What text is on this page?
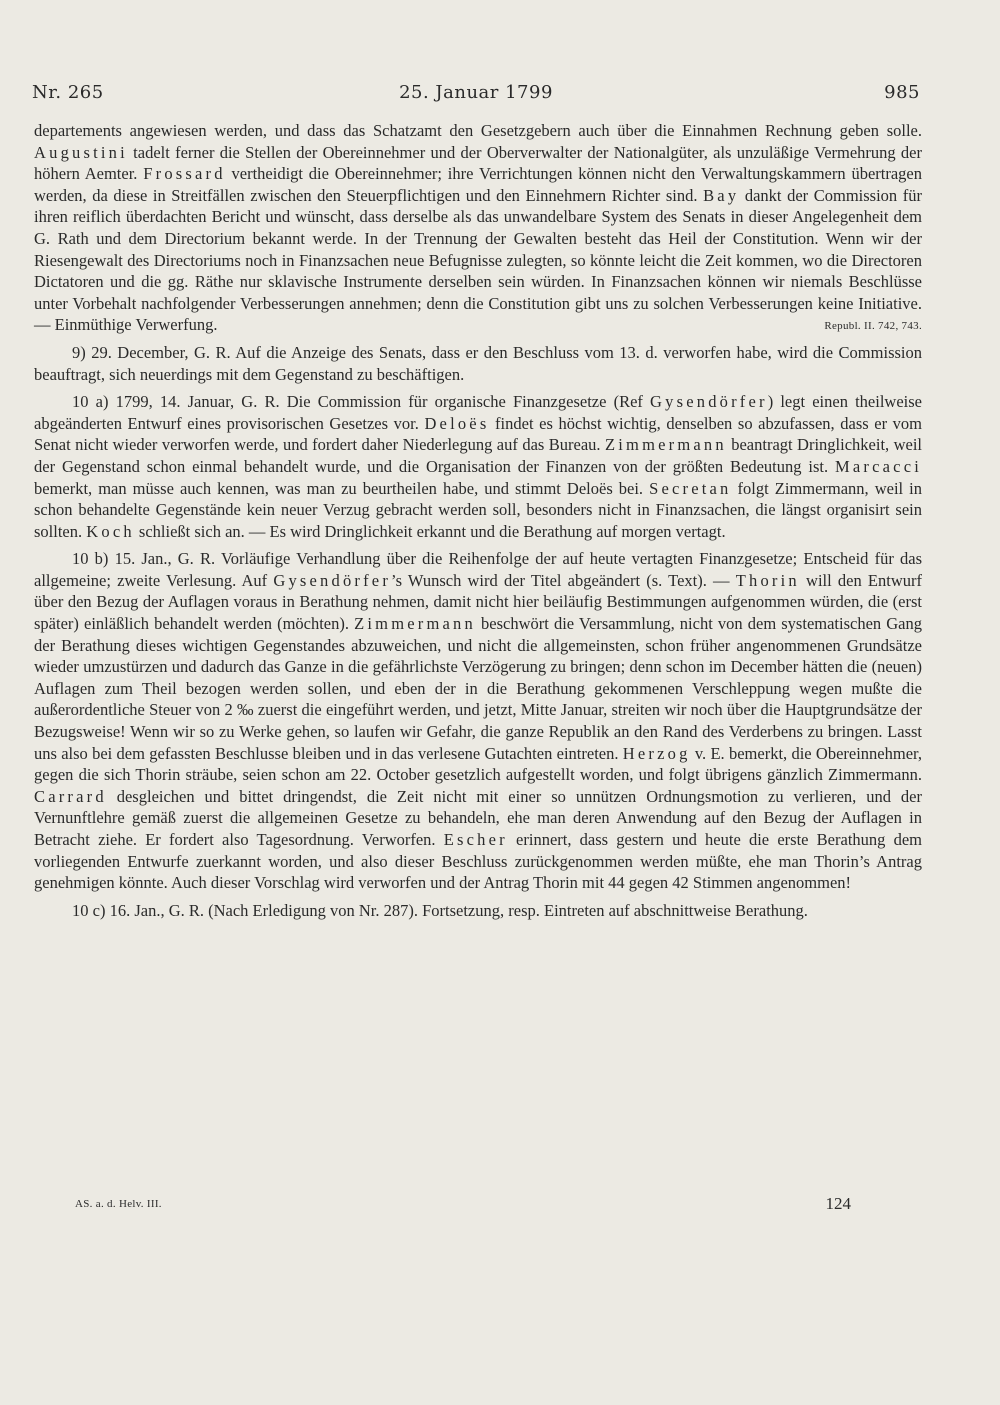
Nr. 265	25. Januar 1799	985

departements angewiesen werden, und dass das Schatzamt den Gesetzgebern auch über die Einnahmen Rechnung geben solle. Augustini tadelt ferner die Stellen der Obereinnehmer und der Oberverwalter der Nationalgüter, als unzuläßige Vermehrung der höhern Aemter. Frossard vertheidigt die Obereinnehmer; ihre Verrichtungen können nicht den Verwaltungskammern übertragen werden, da diese in Streitfällen zwischen den Steuerpflichtigen und den Einnehmern Richter sind. Bay dankt der Commission für ihren reiflich überdachten Bericht und wünscht, dass derselbe als das unwandelbare System des Senats in dieser Angelegenheit dem G. Rath und dem Directorium bekannt werde. In der Trennung der Gewalten besteht das Heil der Constitution. Wenn wir der Riesengewalt des Directoriums noch in Finanzsachen neue Befugnisse zulegten, so könnte leicht die Zeit kommen, wo die Directoren Dictatoren und die gg. Räthe nur sklavische Instrumente derselben sein würden. In Finanzsachen können wir niemals Beschlüsse unter Vorbehalt nachfolgender Verbesserungen annehmen; denn die Constitution gibt uns zu solchen Verbesserungen keine Initiative. — Einmüthige Verwerfung.	Republ. II. 742, 743.

9) 29. December, G. R. Auf die Anzeige des Senats, dass er den Beschluss vom 13. d. verworfen habe, wird die Commission beauftragt, sich neuerdings mit dem Gegenstand zu beschäftigen.

10 a) 1799, 14. Januar, G. R. Die Commission für organische Finanzgesetze (Ref Gysendörfer) legt einen theilweise abgeänderten Entwurf eines provisorischen Gesetzes vor. Deloës findet es höchst wichtig, denselben so abzufassen, dass er vom Senat nicht wieder verworfen werde, und fordert daher Niederlegung auf das Bureau. Zimmermann beantragt Dringlichkeit, weil der Gegenstand schon einmal behandelt wurde, und die Organisation der Finanzen von der größten Bedeutung ist. Marcacci bemerkt, man müsse auch kennen, was man zu beurtheilen habe, und stimmt Deloës bei. Secretan folgt Zimmermann, weil in schon behandelte Gegenstände kein neuer Verzug gebracht werden soll, besonders nicht in Finanzsachen, die längst organisirt sein sollten. Koch schließt sich an. — Es wird Dringlichkeit erkannt und die Berathung auf morgen vertagt.

10 b) 15. Jan., G. R. Vorläufige Verhandlung über die Reihenfolge der auf heute vertagten Finanzgesetze; Entscheid für das allgemeine; zweite Verlesung. Auf Gysendörfer’s Wunsch wird der Titel abgeändert (s. Text). — Thorin will den Entwurf über den Bezug der Auflagen voraus in Berathung nehmen, damit nicht hier beiläufig Bestimmungen aufgenommen würden, die (erst später) einläßlich behandelt werden (möchten). Zimmermann beschwört die Versammlung, nicht von dem systematischen Gang der Berathung dieses wichtigen Gegenstandes abzuweichen, und nicht die allgemeinsten, schon früher angenommenen Grundsätze wieder umzustürzen und dadurch das Ganze in die gefährlichste Verzögerung zu bringen; denn schon im December hätten die (neuen) Auflagen zum Theil bezogen werden sollen, und eben der in die Berathung gekommenen Verschleppung wegen mußte die außerordentliche Steuer von 2 ‰ zuerst die eingeführt werden, und jetzt, Mitte Januar, streiten wir noch über die Hauptgrundsätze der Bezugsweise! Wenn wir so zu Werke gehen, so laufen wir Gefahr, die ganze Republik an den Rand des Verderbens zu bringen. Lasst uns also bei dem gefassten Beschlusse bleiben und in das verlesene Gutachten eintreten. Herzog v. E. bemerkt, die Obereinnehmer, gegen die sich Thorin sträube, seien schon am 22. October gesetzlich aufgestellt worden, und folgt übrigens gänzlich Zimmermann. Carrard desgleichen und bittet dringendst, die Zeit nicht mit einer so unnützen Ordnungsmotion zu verlieren, und der Vernunftlehre gemäß zuerst die allgemeinen Gesetze zu behandeln, ehe man deren Anwendung auf den Bezug der Auflagen in Betracht ziehe. Er fordert also Tagesordnung. Verworfen. Escher erinnert, dass gestern und heute die erste Berathung dem vorliegenden Entwurfe zuerkannt worden, und also dieser Beschluss zurückgenommen werden müßte, ehe man Thorin’s Antrag genehmigen könnte. Auch dieser Vorschlag wird verworfen und der Antrag Thorin mit 44 gegen 42 Stimmen angenommen!

10 c) 16. Jan., G. R. (Nach Erledigung von Nr. 287). Fortsetzung, resp. Eintreten auf abschnittweise Berathung.

AS. a. d. Helv. III.	124
